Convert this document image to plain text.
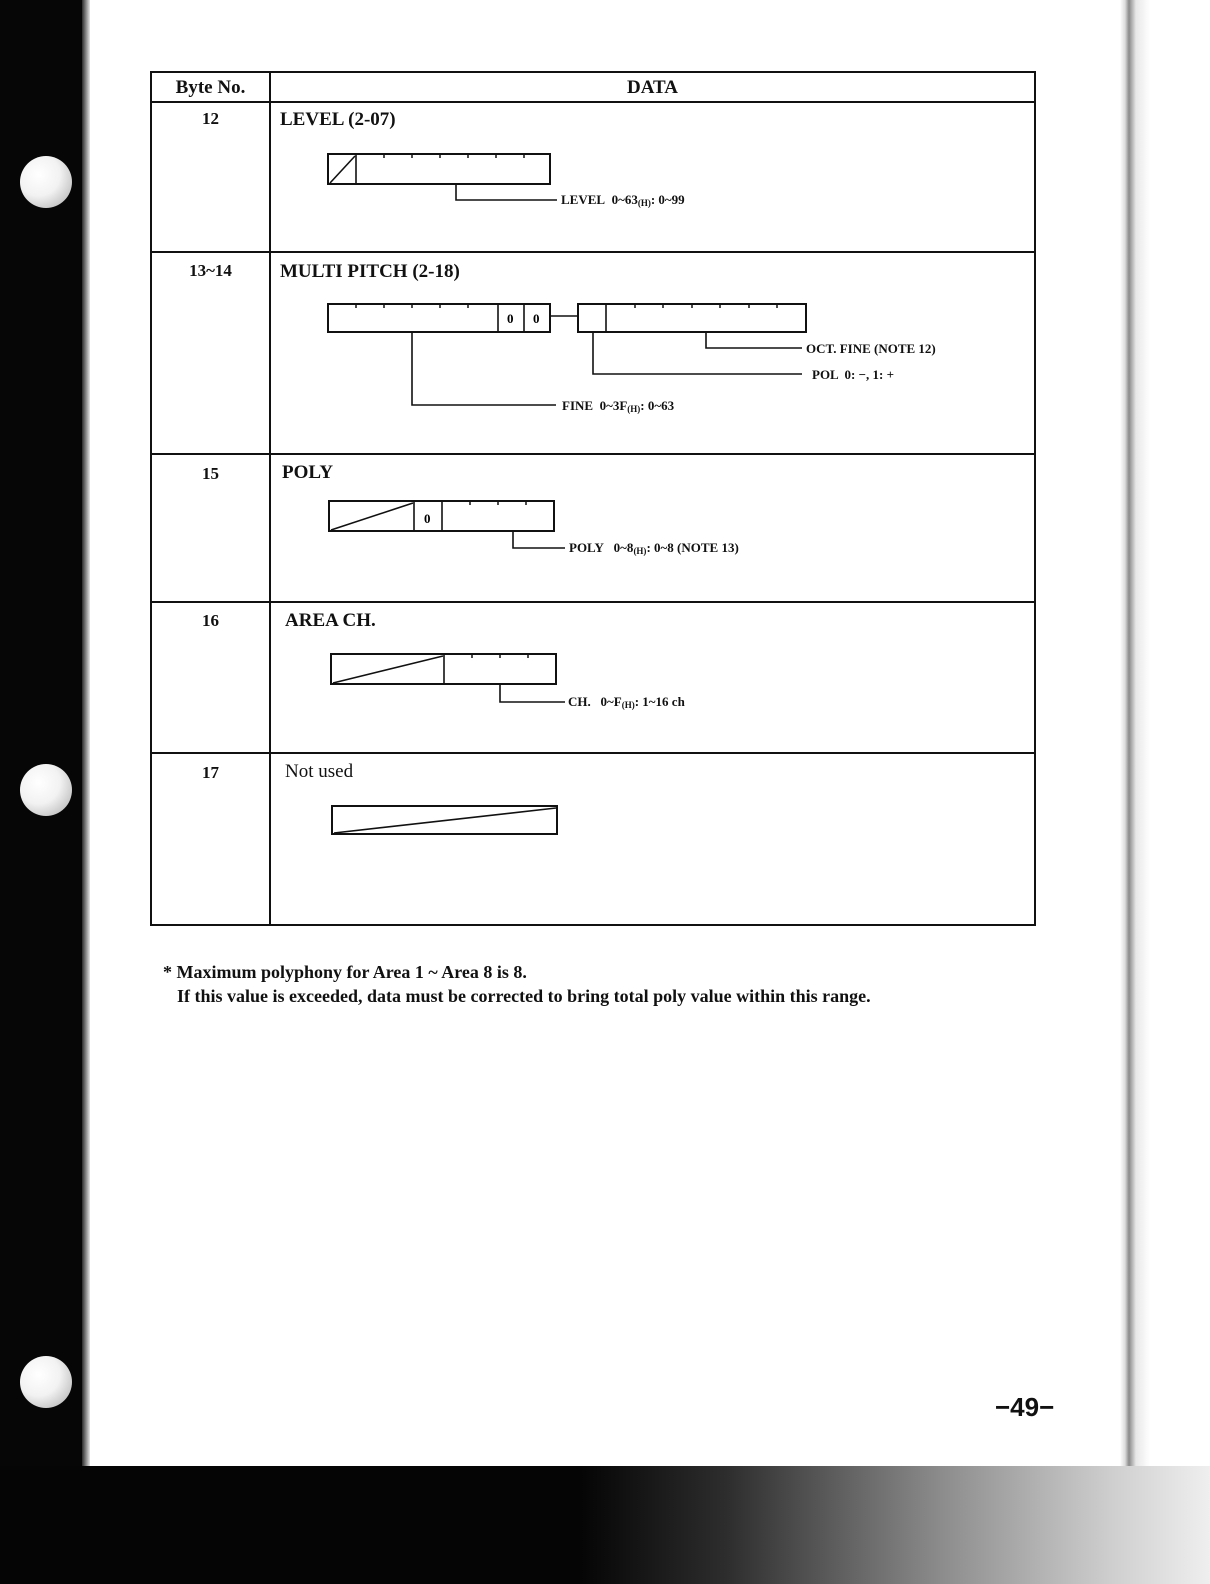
Byte No.	DATA
12
13~14
15
16
17
LEVEL (2-07)
MULTI PITCH (2-18)
POLY
AREA CH.
Not used
0 0
0
LEVEL $0\sim 63_{(H)}$: 0~99
OCT. FINE (NOTE 12)
POL  0: −, 1: +
FINE $0\sim 3F_{(H)}$: 0~63
POLY $0\sim 8_{(H)}$: 0~8 (NOTE 13)
CH. $0\sim F_{(H)}$: 1~16 ch
* Maximum polyphony for Area 1 ~ Area 8 is 8.
If this value is exceeded, data must be corrected to bring total poly value within this range.
−49−
